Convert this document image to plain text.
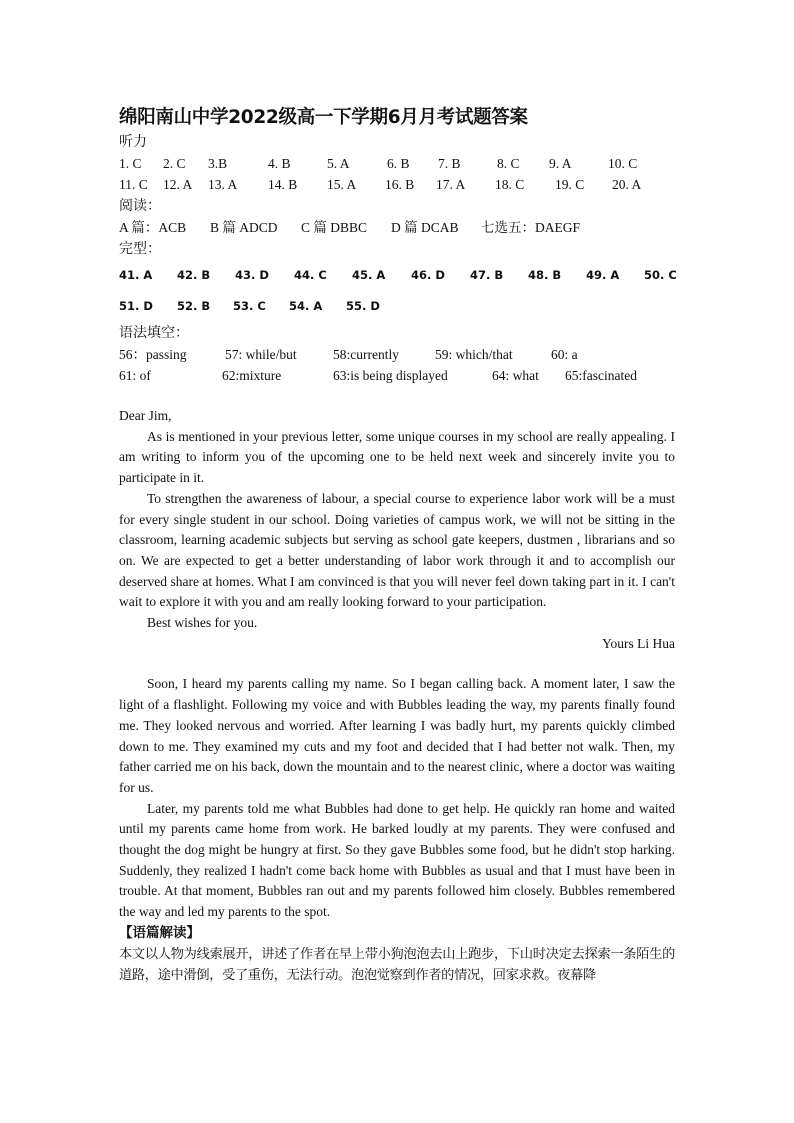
绵阳南山中学2022级高一下学期6月月考试题答案
听力
1. C 2. C 3.B	4. B	5. A	6. B 7. B	8. C 9. A	10. C
11. C 12. A 13. A 14. B 15. A 16. B 17. A 18. C 19. C 20. A
阅读：
A 篇：ACB B 篇 ADCD C 篇 DBBC D 篇 DCAB 七选五：DAEGF
完型：
41. A 42. B 43. D 44. C 45. A 46. D 47. B 48. B 49. A 50. C
51. D 52. B 53. C 54. A 55. D
语法填空：
56：passing	57: while/but	58:currently	59: which/that	60: a
61: of	62:mixture	63:is being displayed	64: what 65:fascinated

Dear Jim,

As is mentioned in your previous letter, some unique courses in my school are really appealing. I am writing to inform you of the upcoming one to be held next week and sincerely invite you to participate in it.

To strengthen the awareness of labour, a special course to experience labor work will be a must for every single student in our school. Doing varieties of campus work, we will not be sitting in the classroom, learning academic subjects but serving as school gate keepers, dustmen , librarians and so on. We are expected to get a better understanding of labor work through it and to accomplish our deserved share at homes. What I am convinced is that you will never feel down taking part in it. I can't wait to explore it with you and am really looking forward to your participation.

Best wishes for you.

Yours Li Hua

Soon, I heard my parents calling my name. So I began calling back. A moment later, I saw the light of a flashlight. Following my voice and with Bubbles leading the way, my parents finally found me. They looked nervous and worried. After learning I was badly hurt, my parents quickly climbed down to me. They examined my cuts and my foot and decided that I had better not walk. Then, my father carried me on his back, down the mountain and to the nearest clinic, where a doctor was waiting for us.

Later, my parents told me what Bubbles had done to get help. He quickly ran home and waited until my parents came home from work. He barked loudly at my parents. They were confused and thought the dog might be hungry at first. So they gave Bubbles some food, but he didn't stop harking. Suddenly, they realized I hadn't come back home with Bubbles as usual and that I must have been in trouble. At that moment, Bubbles ran out and my parents followed him closely. Bubbles remembered the way and led my parents to the spot.

【语篇解读】
本文以人物为线索展开，讲述了作者在早上带小狗泡泡去山上跑步，下山时决定去探索一条陌生的道路，途中滑倒，受了重伤，无法行动。泡泡觉察到作者的情况，回家求救。夜幕降
